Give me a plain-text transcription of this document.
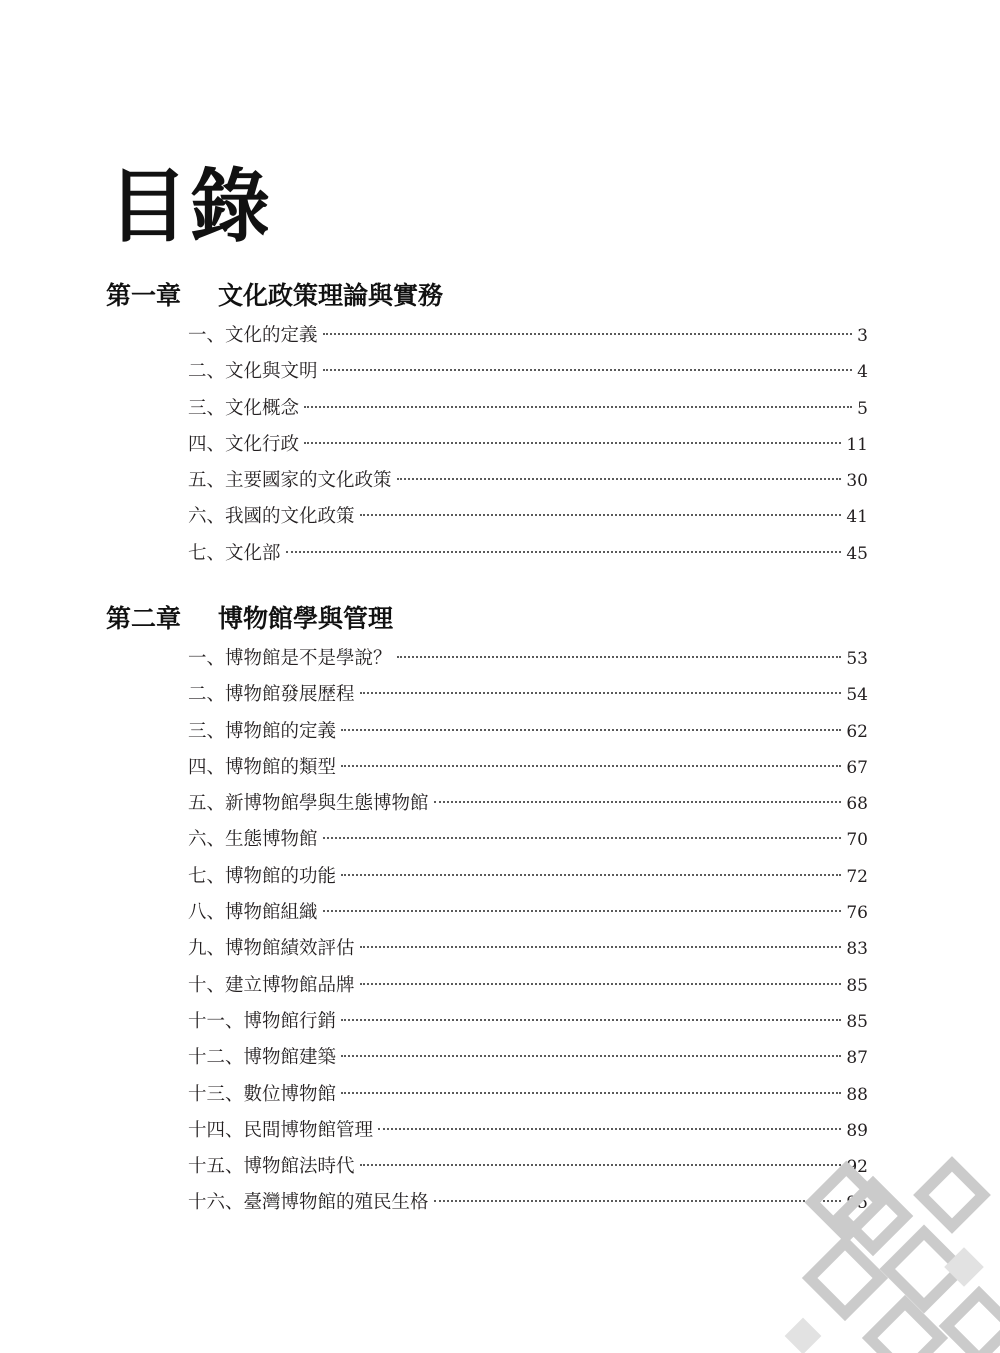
目錄
第一章 文化政策理論與實務
一、文化的定義	3
二、文化與文明	4
三、文化概念	5
四、文化行政	11
五、主要國家的文化政策	30
六、我國的文化政策	41
七、文化部	45
第二章 博物館學與管理
一、博物館是不是學說？	53
二、博物館發展歷程	54
三、博物館的定義	62
四、博物館的類型	67
五、新博物館學與生態博物館	68
六、生態博物館	70
七、博物館的功能	72
八、博物館組織	76
九、博物館績效評估	83
十、建立博物館品牌	85
十一、博物館行銷	85
十二、博物館建築	87
十三、數位博物館	88
十四、民間博物館管理	89
十五、博物館法時代	92
十六、臺灣博物館的殖民生格	95
